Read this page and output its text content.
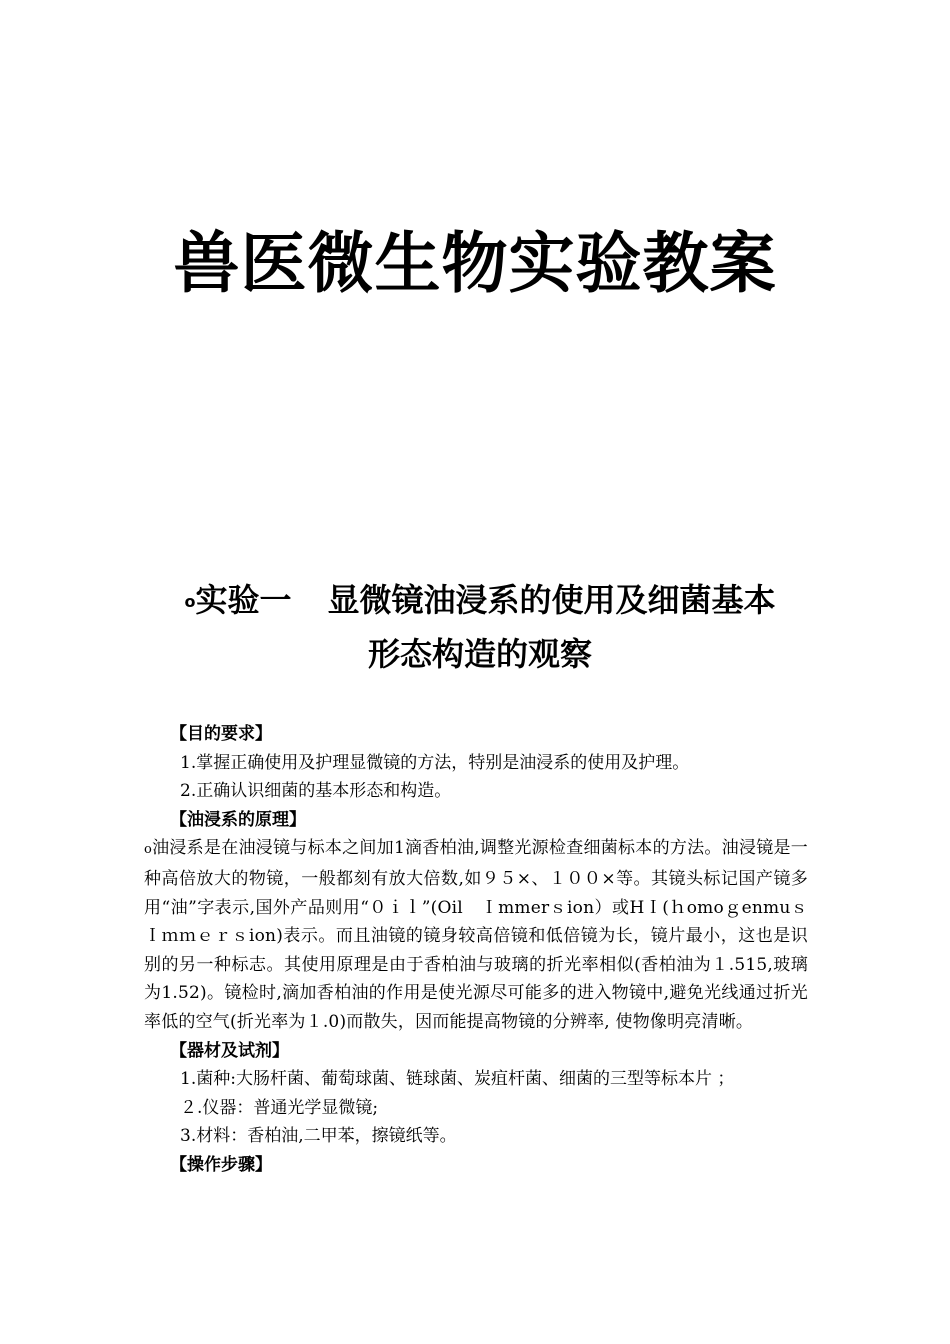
兽医微生物实验教案
o实验一 显微镜油浸系的使用及细菌基本
形态构造的观察
【目的要求】
1.掌握正确使用及护理显微镜的方法，特别是油浸系的使用及护理。
2.正确认识细菌的基本形态和构造。
【油浸系的原理】
o油浸系是在油浸镜与标本之间加1滴香柏油,调整光源检查细菌标本的方法。油浸镜是一种高倍放大的物镜，一般都刻有放大倍数,如９５×、１００×等。其镜头标记国产镜多用“油”字表示,国外产品则用“０ｉｌ”(Oil　Ｉmmerｓion）或HＩ(ｈomoｇenmuｓ　Ｉｍｍｅｒｓion)表示。而且油镜的镜身较高倍镜和低倍镜为长，镜片最小，这也是识别的另一种标志。其使用原理是由于香柏油与玻璃的折光率相似(香柏油为１.515,玻璃为1.52)。镜检时,滴加香柏油的作用是使光源尽可能多的进入物镜中,避免光线通过折光率低的空气(折光率为１.0)而散失，因而能提高物镜的分辨率, 使物像明亮清晰。
【器材及试剂】
1.菌种:大肠杆菌、葡萄球菌、链球菌、炭疽杆菌、细菌的三型等标本片 ；
２.仪器：普通光学显微镜;
3.材料：香柏油,二甲苯，擦镜纸等。
【操作步骤】
